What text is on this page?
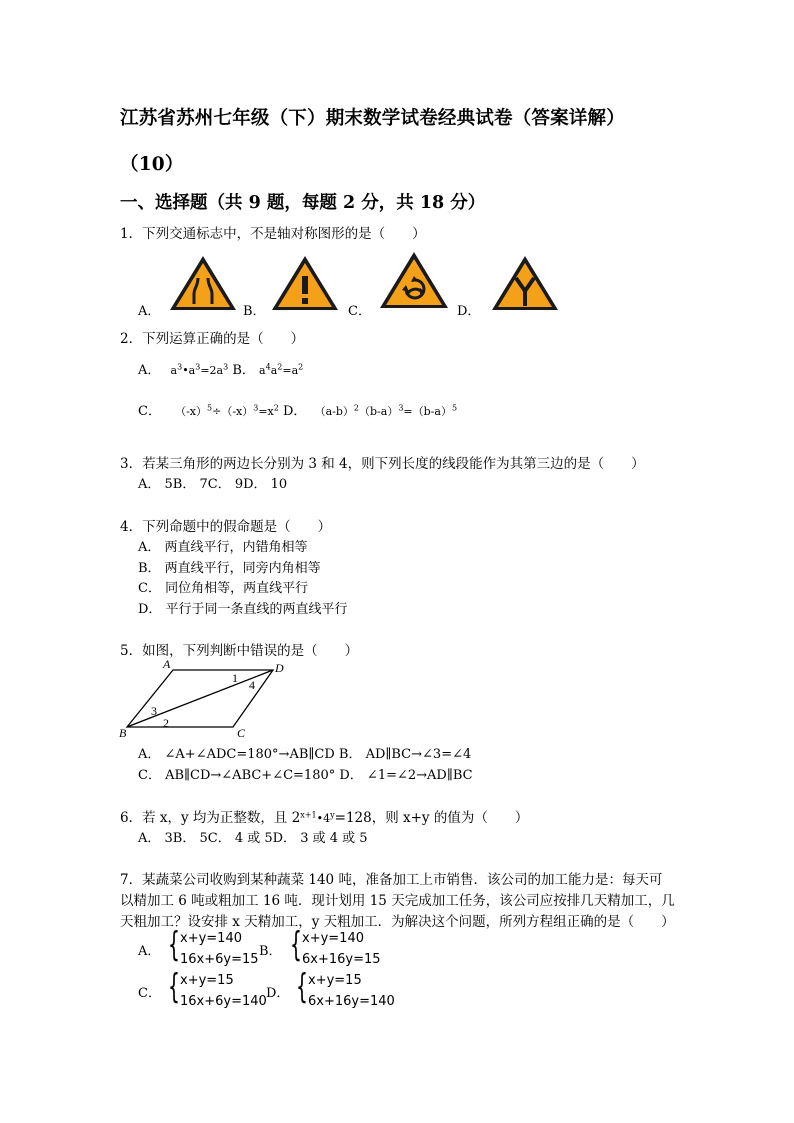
江苏省苏州七年级（下）期末数学试卷经典试卷（答案详解）
（10）
一、选择题（共 9 题，每题 2 分，共 18 分）
1．下列交通标志中，不是轴对称图形的是（　　）
A．	B．	C．	D．
2．下列运算正确的是（　　）
A． $a^3•a^3=2a^3$ B． $a^4a^2=a^2$
C． $(-x)^5\div(-x)^3=x^2$ D． $(a-b)^2(b-a)^3=(b-a)^5$
3．若某三角形的两边长分别为 3 和 4，则下列长度的线段能作为其第三边的是（　　）
A． 5B． 7C． 9D． 10
4．下列命题中的假命题是（　　）
A． 两直线平行，内错角相等
B． 两直线平行，同旁内角相等
C． 同位角相等，两直线平行
D． 平行于同一条直线的两直线平行
5．如图，下列判断中错误的是（　　）
A	D
B	C
1
2
3
4
A． ∠A+∠ADC=180°→AB∥CD B． AD∥BC→∠3=∠4
C． AB∥CD→∠ABC+∠C=180° D． ∠1=∠2→AD∥BC
6．若 x，y 均为正整数，且 $2^{x+1}•4^y=128$，则 x+y 的值为（　　）
A． 3B． 5C． 4 或 5D． 3 或 4 或 5
7．某蔬菜公司收购到某种蔬菜 140 吨，准备加工上市销售．该公司的加工能力是：每天可
以精加工 6 吨或粗加工 16 吨．现计划用 15 天完成加工任务，该公司应按排几天精加工，几
天粗加工？设安排 x 天精加工，y 天粗加工．为解决这个问题，所列方程组正确的是（　　）
A． { x+y=140
16x+6y=15
B． { x+y=140
6x+16y=15
C． { x+y=15
16x+6y=140
D． { x+y=15
6x+16y=140
